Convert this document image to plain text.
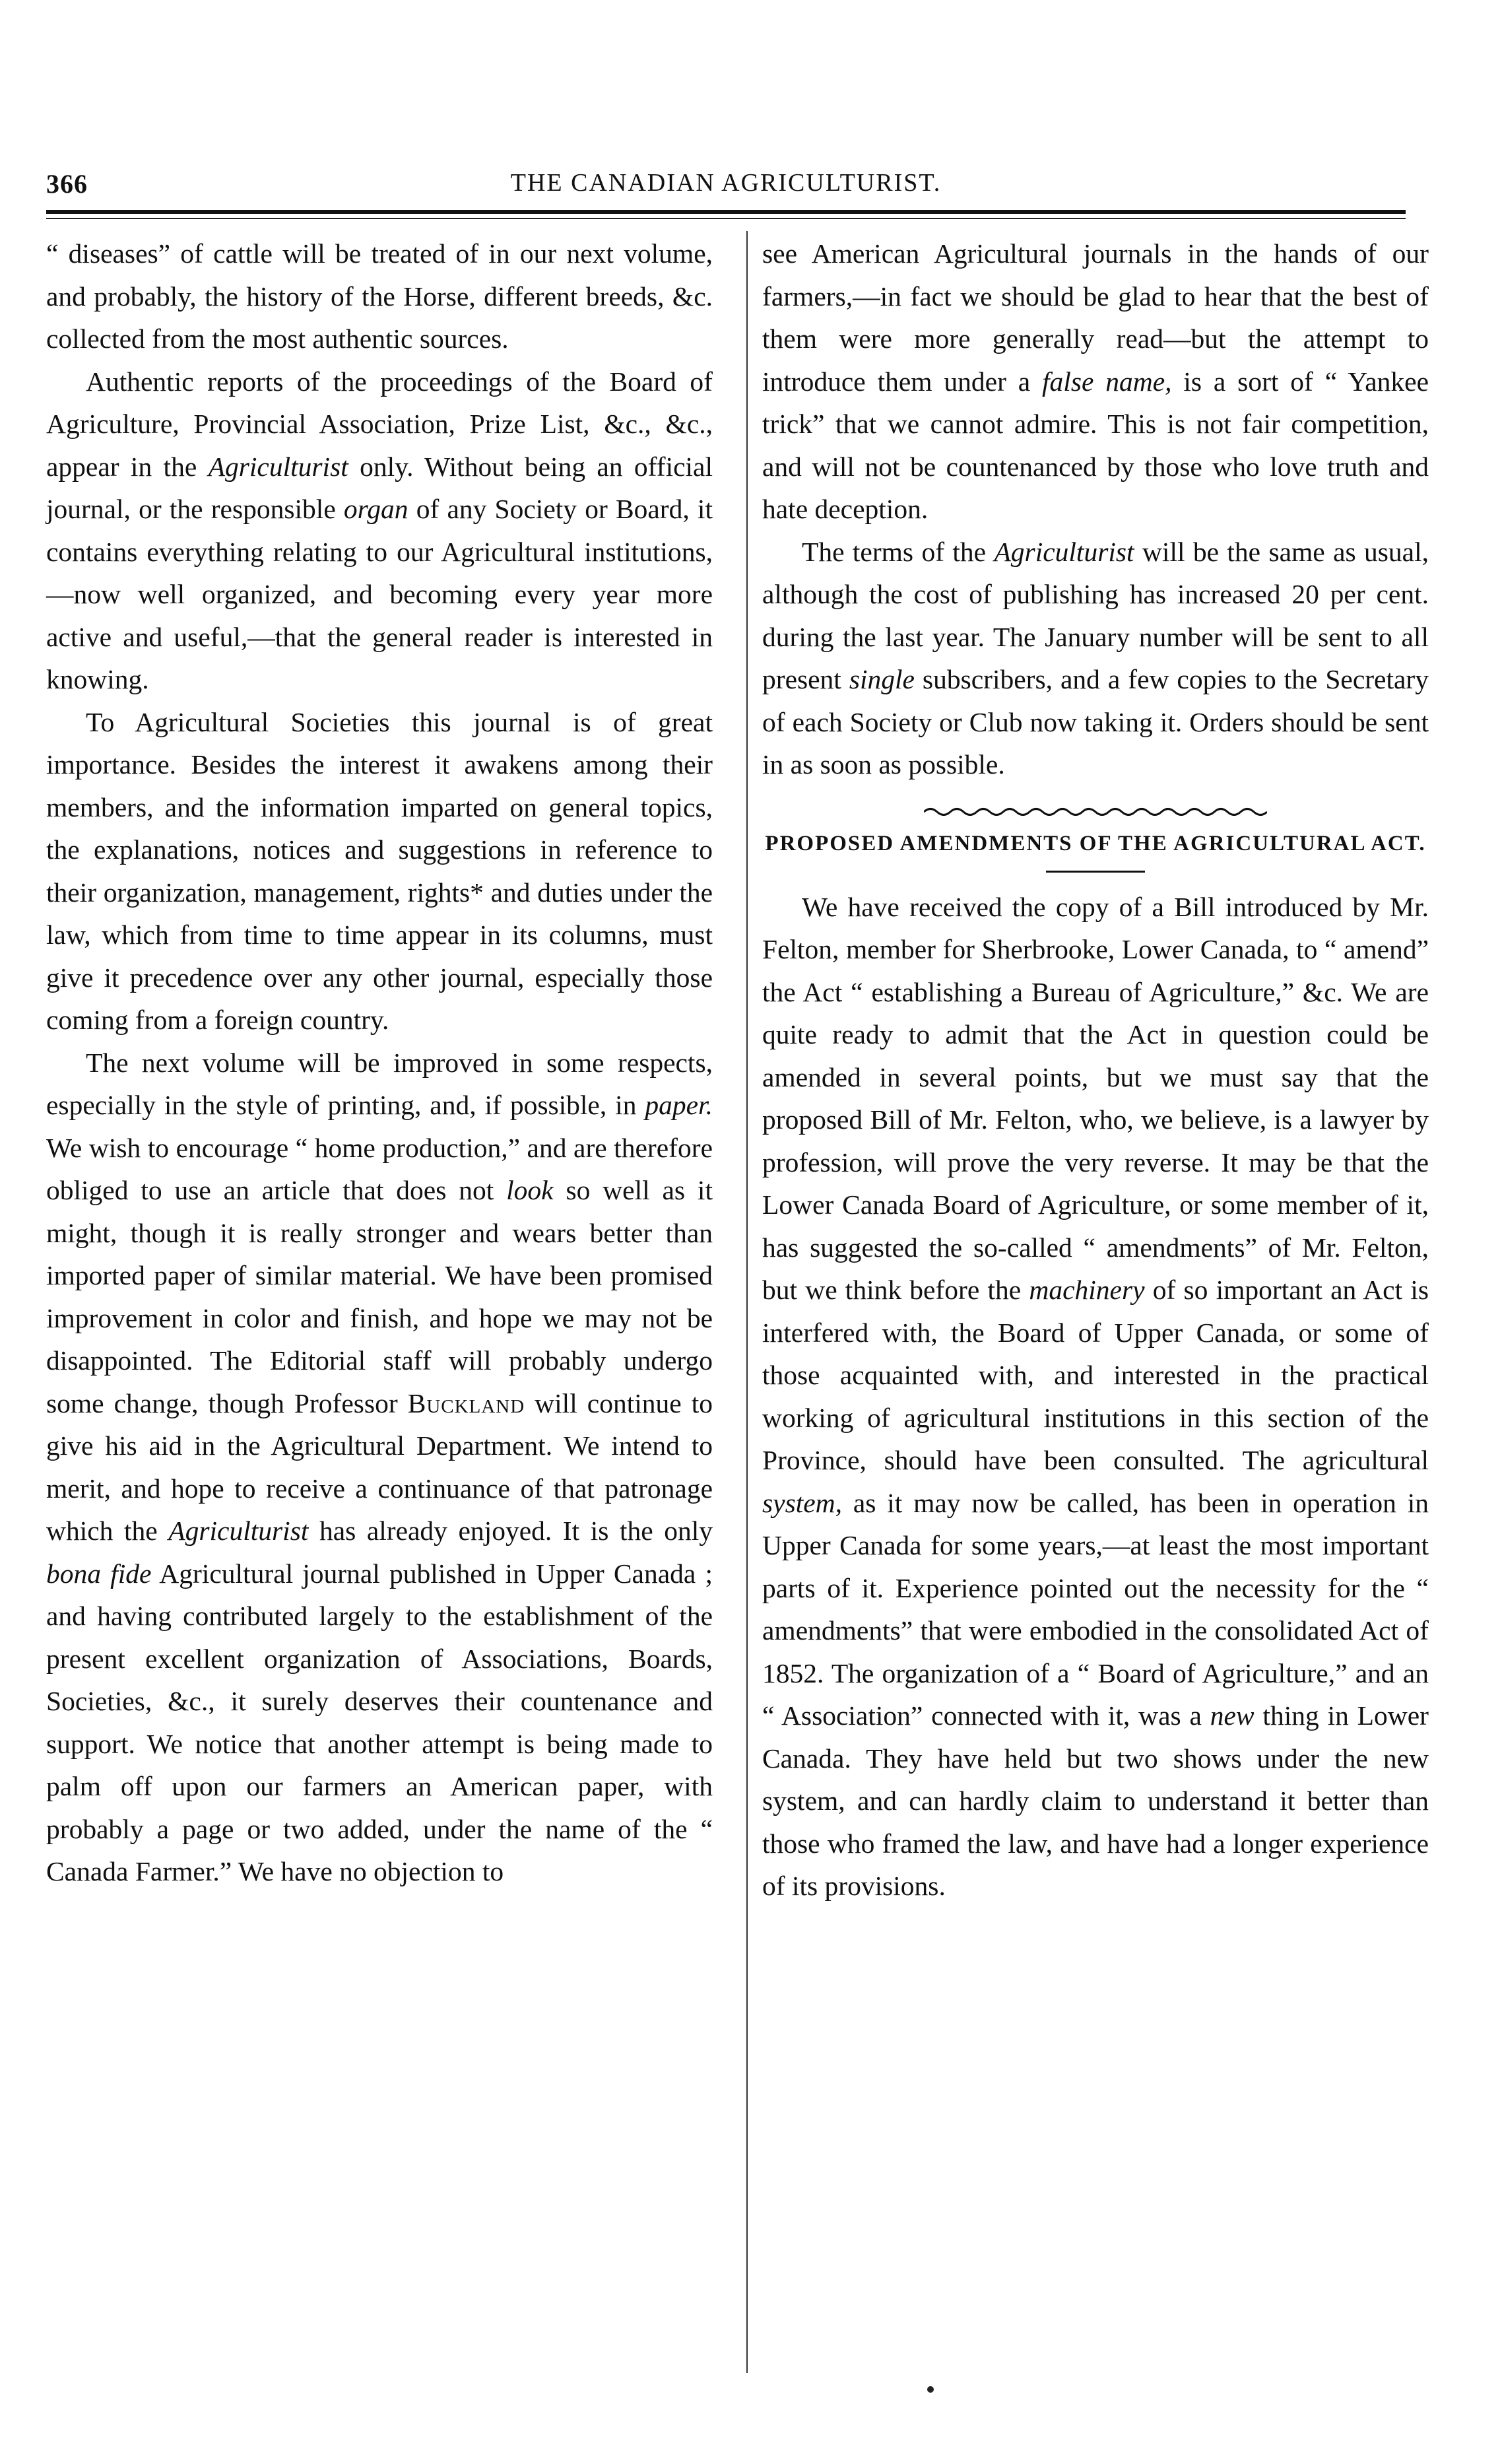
366	THE CANADIAN AGRICULTURIST.

“ diseases” of cattle will be treated of in our next volume, and probably, the history of the Horse, different breeds, &c. collected from the most authentic sources.

Authentic reports of the proceedings of the Board of Agriculture, Provincial Association, Prize List, &c., &c., appear in the Agriculturist only. Without being an official journal, or the responsible organ of any Society or Board, it contains everything relating to our Agricultural institutions,—now well organized, and becoming every year more active and useful,—that the general reader is interested in knowing.

To Agricultural Societies this journal is of great importance. Besides the interest it awakens among their members, and the information imparted on general topics, the explanations, notices and suggestions in reference to their organization, management, rights* and duties under the law, which from time to time appear in its columns, must give it precedence over any other journal, especially those coming from a foreign country.

The next volume will be improved in some respects, especially in the style of printing, and, if possible, in paper. We wish to encourage “ home production,” and are therefore obliged to use an article that does not look so well as it might, though it is really stronger and wears better than imported paper of similar material. We have been promised improvement in color and finish, and hope we may not be disappointed. The Editorial staff will probably undergo some change, though Professor Buckland will continue to give his aid in the Agricultural Department. We intend to merit, and hope to receive a continuance of that patronage which the Agriculturist has already enjoyed. It is the only bona fide Agricultural journal published in Upper Canada ; and having contributed largely to the establishment of the present excellent organization of Associations, Boards, Societies, &c., it surely deserves their countenance and support. We notice that another attempt is being made to palm off upon our farmers an American paper, with probably a page or two added, under the name of the “ Canada Farmer.” We have no objection to

see American Agricultural journals in the hands of our farmers,—in fact we should be glad to hear that the best of them were more generally read—but the attempt to introduce them under a false name, is a sort of “ Yankee trick” that we cannot admire. This is not fair competition, and will not be countenanced by those who love truth and hate deception.

The terms of the Agriculturist will be the same as usual, although the cost of publishing has increased 20 per cent. during the last year. The January number will be sent to all present single subscribers, and a few copies to the Secretary of each Society or Club now taking it. Orders should be sent in as soon as possible.

PROPOSED AMENDMENTS OF THE AGRICULTURAL ACT.

We have received the copy of a Bill introduced by Mr. Felton, member for Sherbrooke, Lower Canada, to “ amend” the Act “ establishing a Bureau of Agriculture,” &c. We are quite ready to admit that the Act in question could be amended in several points, but we must say that the proposed Bill of Mr. Felton, who, we believe, is a lawyer by profession, will prove the very reverse. It may be that the Lower Canada Board of Agriculture, or some member of it, has suggested the so-called “ amendments” of Mr. Felton, but we think before the machinery of so important an Act is interfered with, the Board of Upper Canada, or some of those acquainted with, and interested in the practical working of agricultural institutions in this section of the Province, should have been consulted. The agricultural system, as it may now be called, has been in operation in Upper Canada for some years,—at least the most important parts of it. Experience pointed out the necessity for the “ amendments” that were embodied in the consolidated Act of 1852. The organization of a “ Board of Agriculture,” and an “ Association” connected with it, was a new thing in Lower Canada. They have held but two shows under the new system, and can hardly claim to understand it better than those who framed the law, and have had a longer experience of its provisions.
